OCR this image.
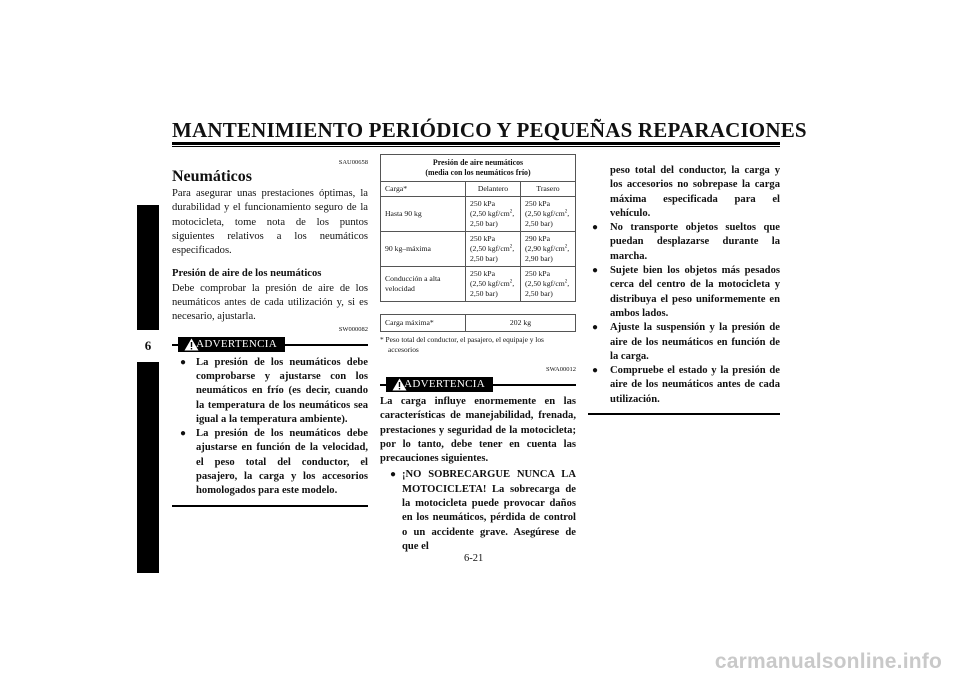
MANTENIMIENTO PERIÓDICO Y PEQUEÑAS REPARACIONES
6
SAU00658
Neumáticos
Para asegurar unas prestaciones óptimas, la durabilidad y el funcionamiento seguro de la motocicleta, tome nota de los puntos siguientes relativos a los neumáticos especificados.
Presión de aire de los neumáticos
Debe comprobar la presión de aire de los neumáticos antes de cada utilización y, si es necesario, ajustarla.
SW000082
ADVERTENCIA
● La presión de los neumáticos debe comprobarse y ajustarse con los neumáticos en frío (es decir, cuando la temperatura de los neumáticos sea igual a la temperatura ambiente).
● La presión de los neumáticos debe ajustarse en función de la velocidad, el peso total del conductor, el pasajero, la carga y los accesorios homologados para este modelo.
Presión de aire neumáticos
(media con los neumáticos frío)		

Carga*	Delantero	Trasero
Hasta 90 kg	250 kPa
(2,50 kgf/$cm^2$,
2,50 bar)	250 kPa
(2,50 kgf/$cm^2$,
2,50 bar)
90 kg–máxima	250 kPa
(2,50 kgf/$cm^2$,
2,50 bar)	290 kPa
(2,90 kgf/$cm^2$,
2,90 bar)
Conducción a alta velocidad	250 kPa
(2,50 kgf/$cm^2$,
2,50 bar)	250 kPa
(2,50 kgf/$cm^2$,
2,50 bar)
Carga máxima*	202 kg
* Peso total del conductor, el pasajero, el equipaje y los accesorios
SWA00012
ADVERTENCIA
La carga influye enormemente en las características de manejabilidad, frenada, prestaciones y seguridad de la motocicleta; por lo tanto, debe tener en cuenta las precauciones siguientes.
● ¡NO SOBRECARGUE NUNCA LA MOTOCICLETA! La sobrecarga de la motocicleta puede provocar daños en los neumáticos, pérdida de control o un accidente grave. Asegúrese de que el
peso total del conductor, la carga y los accesorios no sobrepase la carga máxima especificada para el vehículo.
● No transporte objetos sueltos que puedan desplazarse durante la marcha.
● Sujete bien los objetos más pesados cerca del centro de la motocicleta y distribuya el peso uniformemente en ambos lados.
● Ajuste la suspensión y la presión de aire de los neumáticos en función de la carga.
● Compruebe el estado y la presión de aire de los neumáticos antes de cada utilización.
6-21
carmanualsonline.info
